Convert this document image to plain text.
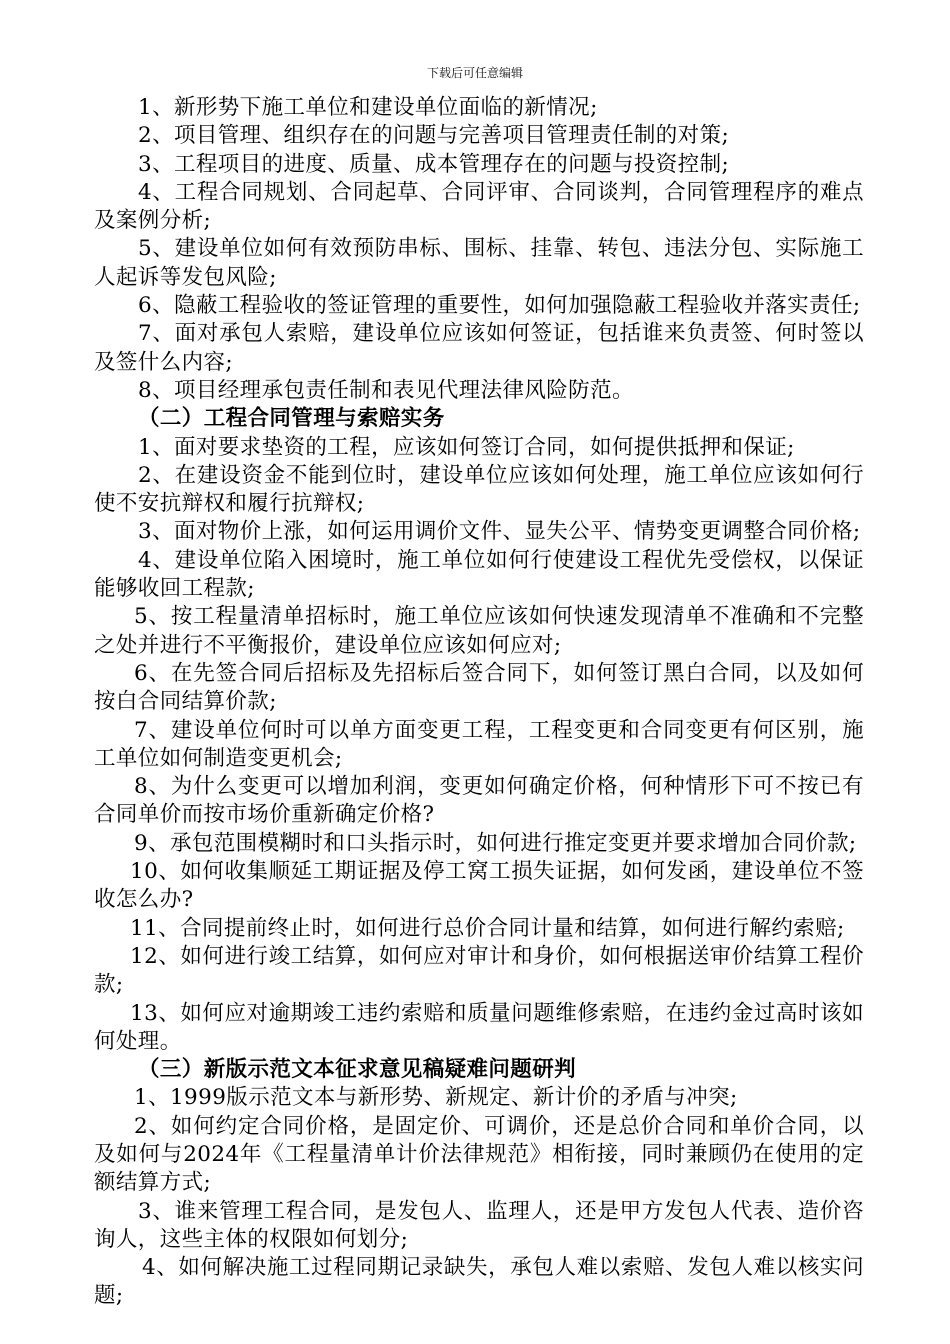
下载后可任意编辑

1、新形势下施工单位和建设单位面临的新情况;

2、项目管理、组织存在的问题与完善项目管理责任制的对策;

3、工程项目的进度、质量、成本管理存在的问题与投资控制;

4、工程合同规划、合同起草、合同评审、合同谈判，合同管理程序的难点及案例分析;

5、建设单位如何有效预防串标、围标、挂靠、转包、违法分包、实际施工人起诉等发包风险;

6、隐蔽工程验收的签证管理的重要性，如何加强隐蔽工程验收并落实责任;

7、面对承包人索赔，建设单位应该如何签证，包括谁来负责签、何时签以及签什么内容;

8、项目经理承包责任制和表见代理法律风险防范。

（二）工程合同管理与索赔实务

1、面对要求垫资的工程，应该如何签订合同，如何提供抵押和保证;

2、在建设资金不能到位时，建设单位应该如何处理，施工单位应该如何行使不安抗辩权和履行抗辩权;

3、面对物价上涨，如何运用调价文件、显失公平、情势变更调整合同价格;

4、建设单位陷入困境时，施工单位如何行使建设工程优先受偿权，以保证能够收回工程款;

5、按工程量清单招标时，施工单位应该如何快速发现清单不准确和不完整之处并进行不平衡报价，建设单位应该如何应对;

6、在先签合同后招标及先招标后签合同下，如何签订黑白合同，以及如何按白合同结算价款;

7、建设单位何时可以单方面变更工程，工程变更和合同变更有何区别，施工单位如何制造变更机会;

8、为什么变更可以增加利润，变更如何确定价格，何种情形下可不按已有合同单价而按市场价重新确定价格?

9、承包范围模糊时和口头指示时，如何进行推定变更并要求增加合同价款;

10、如何收集顺延工期证据及停工窝工损失证据，如何发函，建设单位不签收怎么办?

11、合同提前终止时，如何进行总价合同计量和结算，如何进行解约索赔;

12、如何进行竣工结算，如何应对审计和身价，如何根据送审价结算工程价款;

13、如何应对逾期竣工违约索赔和质量问题维修索赔，在违约金过高时该如何处理。

（三）新版示范文本征求意见稿疑难问题研判

1、1999版示范文本与新形势、新规定、新计价的矛盾与冲突;

2、如何约定合同价格，是固定价、可调价，还是总价合同和单价合同，以及如何与2024年《工程量清单计价法律规范》相衔接，同时兼顾仍在使用的定额结算方式;

3、谁来管理工程合同，是发包人、监理人，还是甲方发包人代表、造价咨询人，这些主体的权限如何划分;

4、如何解决施工过程同期记录缺失，承包人难以索赔、发包人难以核实问题;
